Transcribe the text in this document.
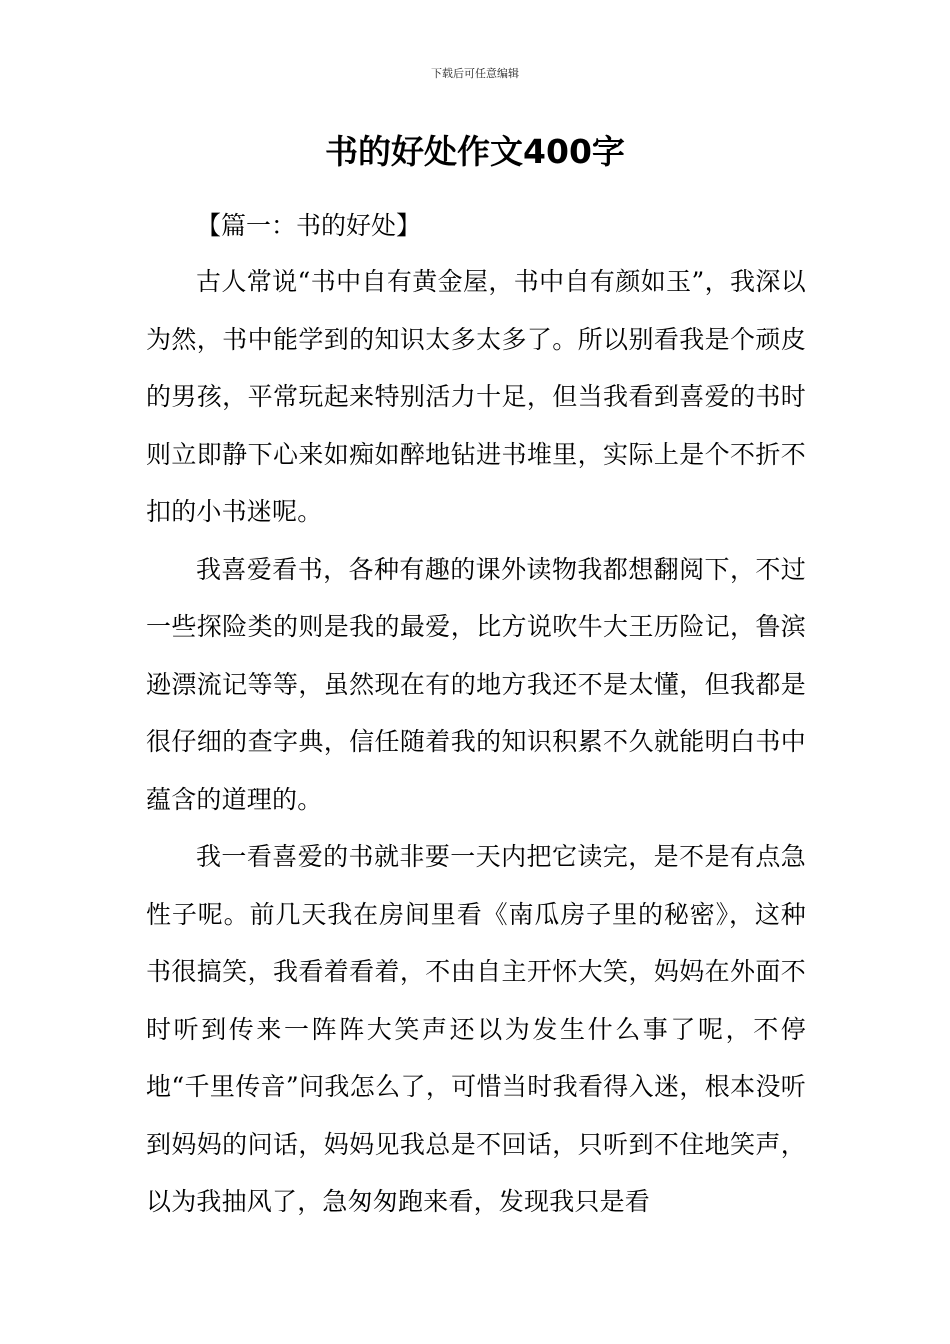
下载后可任意编辑
书的好处作文400字

【篇一：书的好处】

古人常说“书中自有黄金屋，书中自有颜如玉”，我深以为然，书中能学到的知识太多太多了。所以别看我是个顽皮的男孩，平常玩起来特别活力十足，但当我看到喜爱的书时则立即静下心来如痴如醉地钻进书堆里，实际上是个不折不扣的小书迷呢。

我喜爱看书，各种有趣的课外读物我都想翻阅下，不过一些探险类的则是我的最爱，比方说吹牛大王历险记，鲁滨逊漂流记等等，虽然现在有的地方我还不是太懂，但我都是很仔细的查字典，信任随着我的知识积累不久就能明白书中蕴含的道理的。

我一看喜爱的书就非要一天内把它读完，是不是有点急性子呢。前几天我在房间里看《南瓜房子里的秘密》，这种书很搞笑，我看着看着，不由自主开怀大笑，妈妈在外面不时听到传来一阵阵大笑声还以为发生什么事了呢，不停地“千里传音”问我怎么了，可惜当时我看得入迷，根本没听到妈妈的问话，妈妈见我总是不回话，只听到不住地笑声，以为我抽风了，急匆匆跑来看，发现我只是看
